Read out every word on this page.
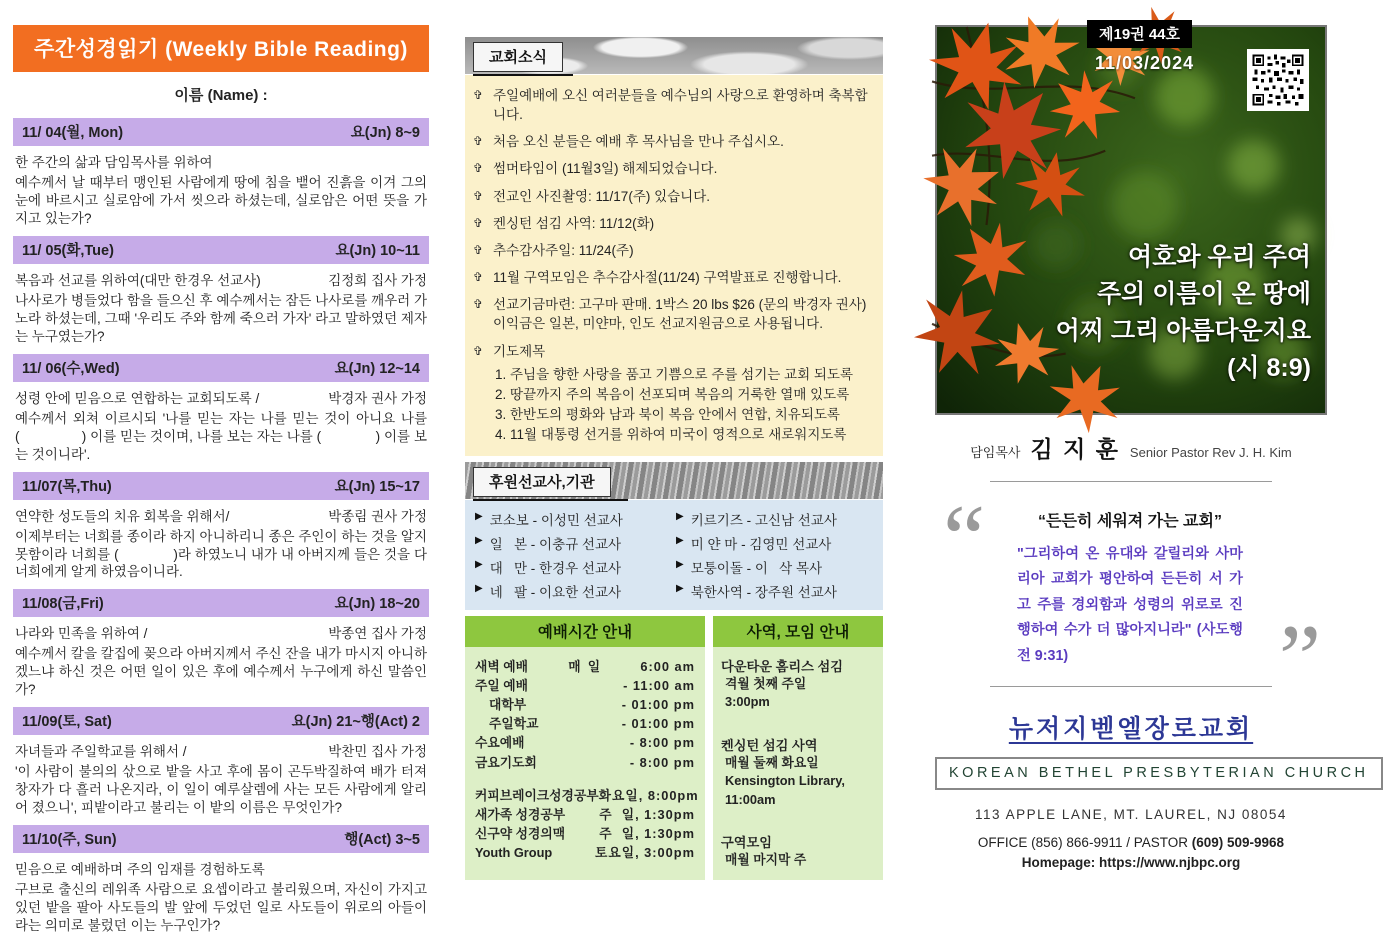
주간성경읽기 (Weekly Bible Reading)
이름 (Name) :
11/ 04(월, Mon)	요(Jn) 8~9
한 주간의 삶과 담임목사를 위하여
예수께서 날 때부터 맹인된 사람에게 땅에 침을 뱉어 진흙을 이겨 그의 눈에 바르시고 실로암에 가서 씻으라 하셨는데, 실로암은 어떤 뜻을 가지고 있는가?
11/ 05(화,Tue)	요(Jn) 10~11
복음과 선교를 위하여(대만 한경우 선교사)	김정희 집사 가정
나사로가 병들었다 함을 들으신 후 예수께서는 잠든 나사로를 깨우러 가노라 하셨는데, 그때 '우리도 주와 함께 죽으러 가자' 라고 말하였던 제자는 누구였는가?
11/ 06(수,Wed)	요(Jn) 12~14
성령 안에 믿음으로 연합하는 교회되도록 /	박경자 권사 가정
예수께서 외쳐 이르시되 '나를 믿는 자는 나를 믿는 것이 아니요 나를 (                ) 이를 믿는 것이며, 나를 보는 자는 나를 (              ) 이를 보는 것이니라'.
11/07(목,Thu)	요(Jn) 15~17
연약한 성도들의 치유 회복을 위해서/	박종림 권사 가정
이제부터는 너희를 종이라 하지 아니하리니 종은 주인이 하는 것을 알지 못함이라 너희를 (              )라 하였노니 내가 내 아버지께 들은 것을 다 너희에게 알게 하였음이니라.
11/08(금,Fri)	요(Jn) 18~20
나라와 민족을 위하여 /	박종연 집사 가정
예수께서 칼을 칼집에 꽂으라 아버지께서 주신 잔을 내가 마시지 아니하겠느냐 하신 것은 어떤 일이 있은 후에 예수께서 누구에게 하신 말씀인가?
11/09(토, Sat)	요(Jn) 21~행(Act) 2
자녀들과 주일학교를 위해서 /	박찬민 집사 가정
'이 사람이 불의의 삯으로 밭을 사고 후에 몸이 곤두박질하여 배가 터져 창자가 다 흘러 나온지라, 이 일이 예루살렘에 사는 모든 사람에게 알리어 졌으니', 피밭이라고 불리는 이 밭의 이름은 무엇인가?
11/10(주, Sun)	행(Act) 3~5
믿음으로 예배하며 주의 임재를 경험하도록
구브로 출신의 레위족 사람으로 요셉이라고 불리웠으며, 자신이 가지고 있던 밭을 팔아 사도들의 발 앞에 두었던 일로 사도들이 위로의 아들이라는 의미로 불렀던 이는 누구인가?
교회소식
✞ 주일예배에 오신 여러분들을 예수님의 사랑으로 환영하며 축복합니다.
✞ 처음 오신 분들은 예배 후 목사님을 만나 주십시오.
✞ 썸머타임이 (11월3일) 해제되었습니다.
✞ 전교인 사진촬영: 11/17(주) 있습니다.
✞ 켄싱턴 섬김 사역: 11/12(화)
✞ 추수감사주일: 11/24(주)
✞ 11월 구역모임은 추수감사절(11/24) 구역발표로 진행합니다.
✞ 선교기금마련: 고구마 판매. 1박스 20 lbs $26 (문의 박경자 권사) 이익금은 일본, 미얀마, 인도 선교지원금으로 사용됩니다.
✞ 기도제목
1. 주님을 향한 사랑을 품고 기쁨으로 주를 섬기는 교회 되도록
2. 땅끝까지 주의 복음이 선포되며 복음의 거룩한 열매 있도록
3. 한반도의 평화와 남과 북이 복음 안에서 연합, 치유되도록
4. 11월 대통령 선거를 위하여 미국이 영적으로 새로워지도록
후원선교사,기관
▶ 코소보 - 이성민 선교사
▶ 일   본 - 이충규 선교사
▶ 대   만 - 한경우 선교사
▶ 네   팔 - 이요한 선교사
▶ 키르기즈 - 고신남 선교사
▶ 미 얀 마 - 김영민 선교사
▶ 모퉁이돌 - 이   삭 목사
▶ 북한사역 - 장주원 선교사
예배시간 안내
새벽 예배	매  일	6:00 am
주일 예배	- 11:00 am
대학부	- 01:00 pm
주일학교	- 01:00 pm
수요예배	- 8:00 pm
금요기도회	- 8:00 pm
커피브레이크성경공부 화요일, 8:00pm
새가족 성경공부	주  일, 1:30pm
신구약 성경의맥	주  일, 1:30pm
Youth Group	토요일, 3:00pm
사역, 모임 안내
다운타운 홈리스 섬김
격월 첫째 주일
3:00pm
켄싱턴 섬김 사역
매월 둘째 화요일
Kensington Library,
11:00am
구역모임
매월 마지막 주
제19권 44호
11/03/2024
여호와 우리 주여
주의 이름이 온 땅에
어찌 그리 아름다운지요
(시 8:9)
담임목사 김 지 훈 Senior Pastor Rev J. H. Kim
“
”
“든든히 세워져 가는 교회”
"그리하여 온 유대와 갈릴리와 사마리아 교회가 평안하여 든든히 서 가고 주를 경외함과 성령의 위로로 진행하여 수가 더 많아지니라" (사도행전 9:31)
뉴저지벧엘장로교회
KOREAN BETHEL PRESBYTERIAN CHURCH
113 APPLE LANE, MT. LAUREL, NJ 08054
OFFICE (856) 866-9911 / PASTOR (609) 509-9968
Homepage: https://www.njbpc.org
